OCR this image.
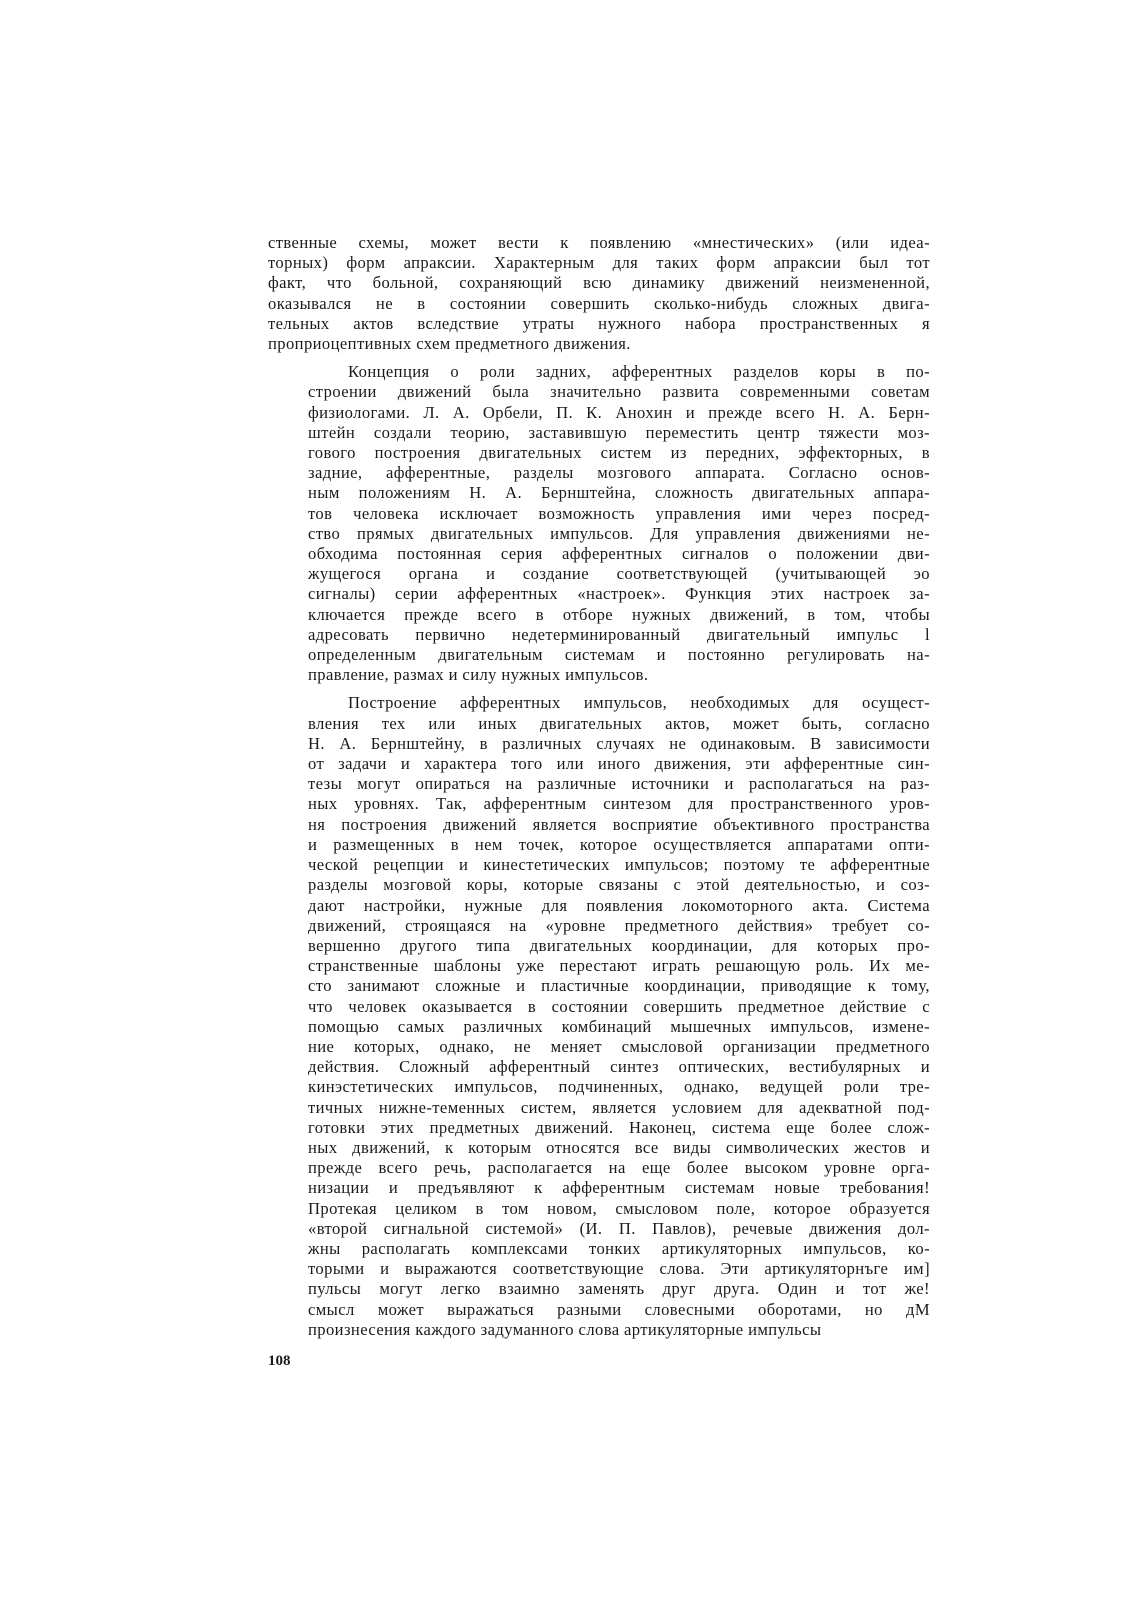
ственные схемы, может вести к появлению «мнестических» (или идеа-
торных) форм апраксии. Характерным для таких форм апраксии был тот
факт, что больной, сохраняющий всю динамику движений неизмененной,
оказывался не в состоянии совершить сколько-нибудь сложных двига-
тельных актов вследствие утраты нужного набора пространственных я
проприоцептивных схем предметного движения.

Концепция о роли задних, афферентных разделов коры в по-
строении движений была значительно развита современными советам
физиологами. Л. А. Орбели, П. К. Анохин и прежде всего Н. А. Берн-
штейн создали теорию, заставившую переместить центр тяжести моз-
гового построения двигательных систем из передних, эффекторных, в
задние, афферентные, разделы мозгового аппарата. Согласно основ-
ным положениям Н. А. Бернштейна, сложность двигательных аппара-
тов человека исключает возможность управления ими через посред-
ство прямых двигательных импульсов. Для управления движениями не-
обходима постоянная серия афферентных сигналов о положении дви-
жущегося органа и создание соответствующей (учитывающей эо
сигналы) серии афферентных «настроек». Функция этих настроек за-
ключается прежде всего в отборе нужных движений, в том, чтобы
адресовать первично недетерминированный двигательный импульс l
определенным двигательным системам и постоянно регулировать на-
правление, размах и силу нужных импульсов.

Построение афферентных импульсов, необходимых для осущест-
вления тех или иных двигательных актов, может быть, согласно
Н. А. Бернштейну, в различных случаях не одинаковым. В зависимости
от задачи и характера того или иного движения, эти афферентные син-
тезы могут опираться на различные источники и располагаться на раз-
ных уровнях. Так, афферентным синтезом для пространственного уров-
ня построения движений является восприятие объективного пространства
и размещенных в нем точек, которое осуществляется аппаратами опти-
ческой рецепции и кинестетических импульсов; поэтому те афферентные
разделы мозговой коры, которые связаны с этой деятельностью, и соз-
дают настройки, нужные для появления локомоторного акта. Система
движений, строящаяся на «уровне предметного действия» требует со-
вершенно другого типа двигательных координации, для которых про-
странственные шаблоны уже перестают играть решающую роль. Их ме-
сто занимают сложные и пластичные координации, приводящие к тому,
что человек оказывается в состоянии совершить предметное действие с
помощью самых различных комбинаций мышечных импульсов, измене-
ние которых, однако, не меняет смысловой организации предметного
действия. Сложный афферентный синтез оптических, вестибулярных и
кинэстетических импульсов, подчиненных, однако, ведущей роли тре-
тичных нижне-теменных систем, является условием для адекватной под-
готовки этих предметных движений. Наконец, система еще более слож-
ных движений, к которым относятся все виды символических жестов и
прежде всего речь, располагается на еще более высоком уровне орга-
низации и предъявляют к афферентным системам новые требования!
Протекая целиком в том новом, смысловом поле, которое образуется
«второй сигнальной системой» (И. П. Павлов), речевые движения дол-
жны располагать комплексами тонких артикуляторных импульсов, ко-
торыми и выражаются соответствующие слова. Эти артикуляторнъге им]
пульсы могут легко взаимно заменять друг друга. Один и тот же!
смысл может выражаться разными словесными оборотами, но дМ
произнесения каждого задуманного слова артикуляторные импульсы

108
